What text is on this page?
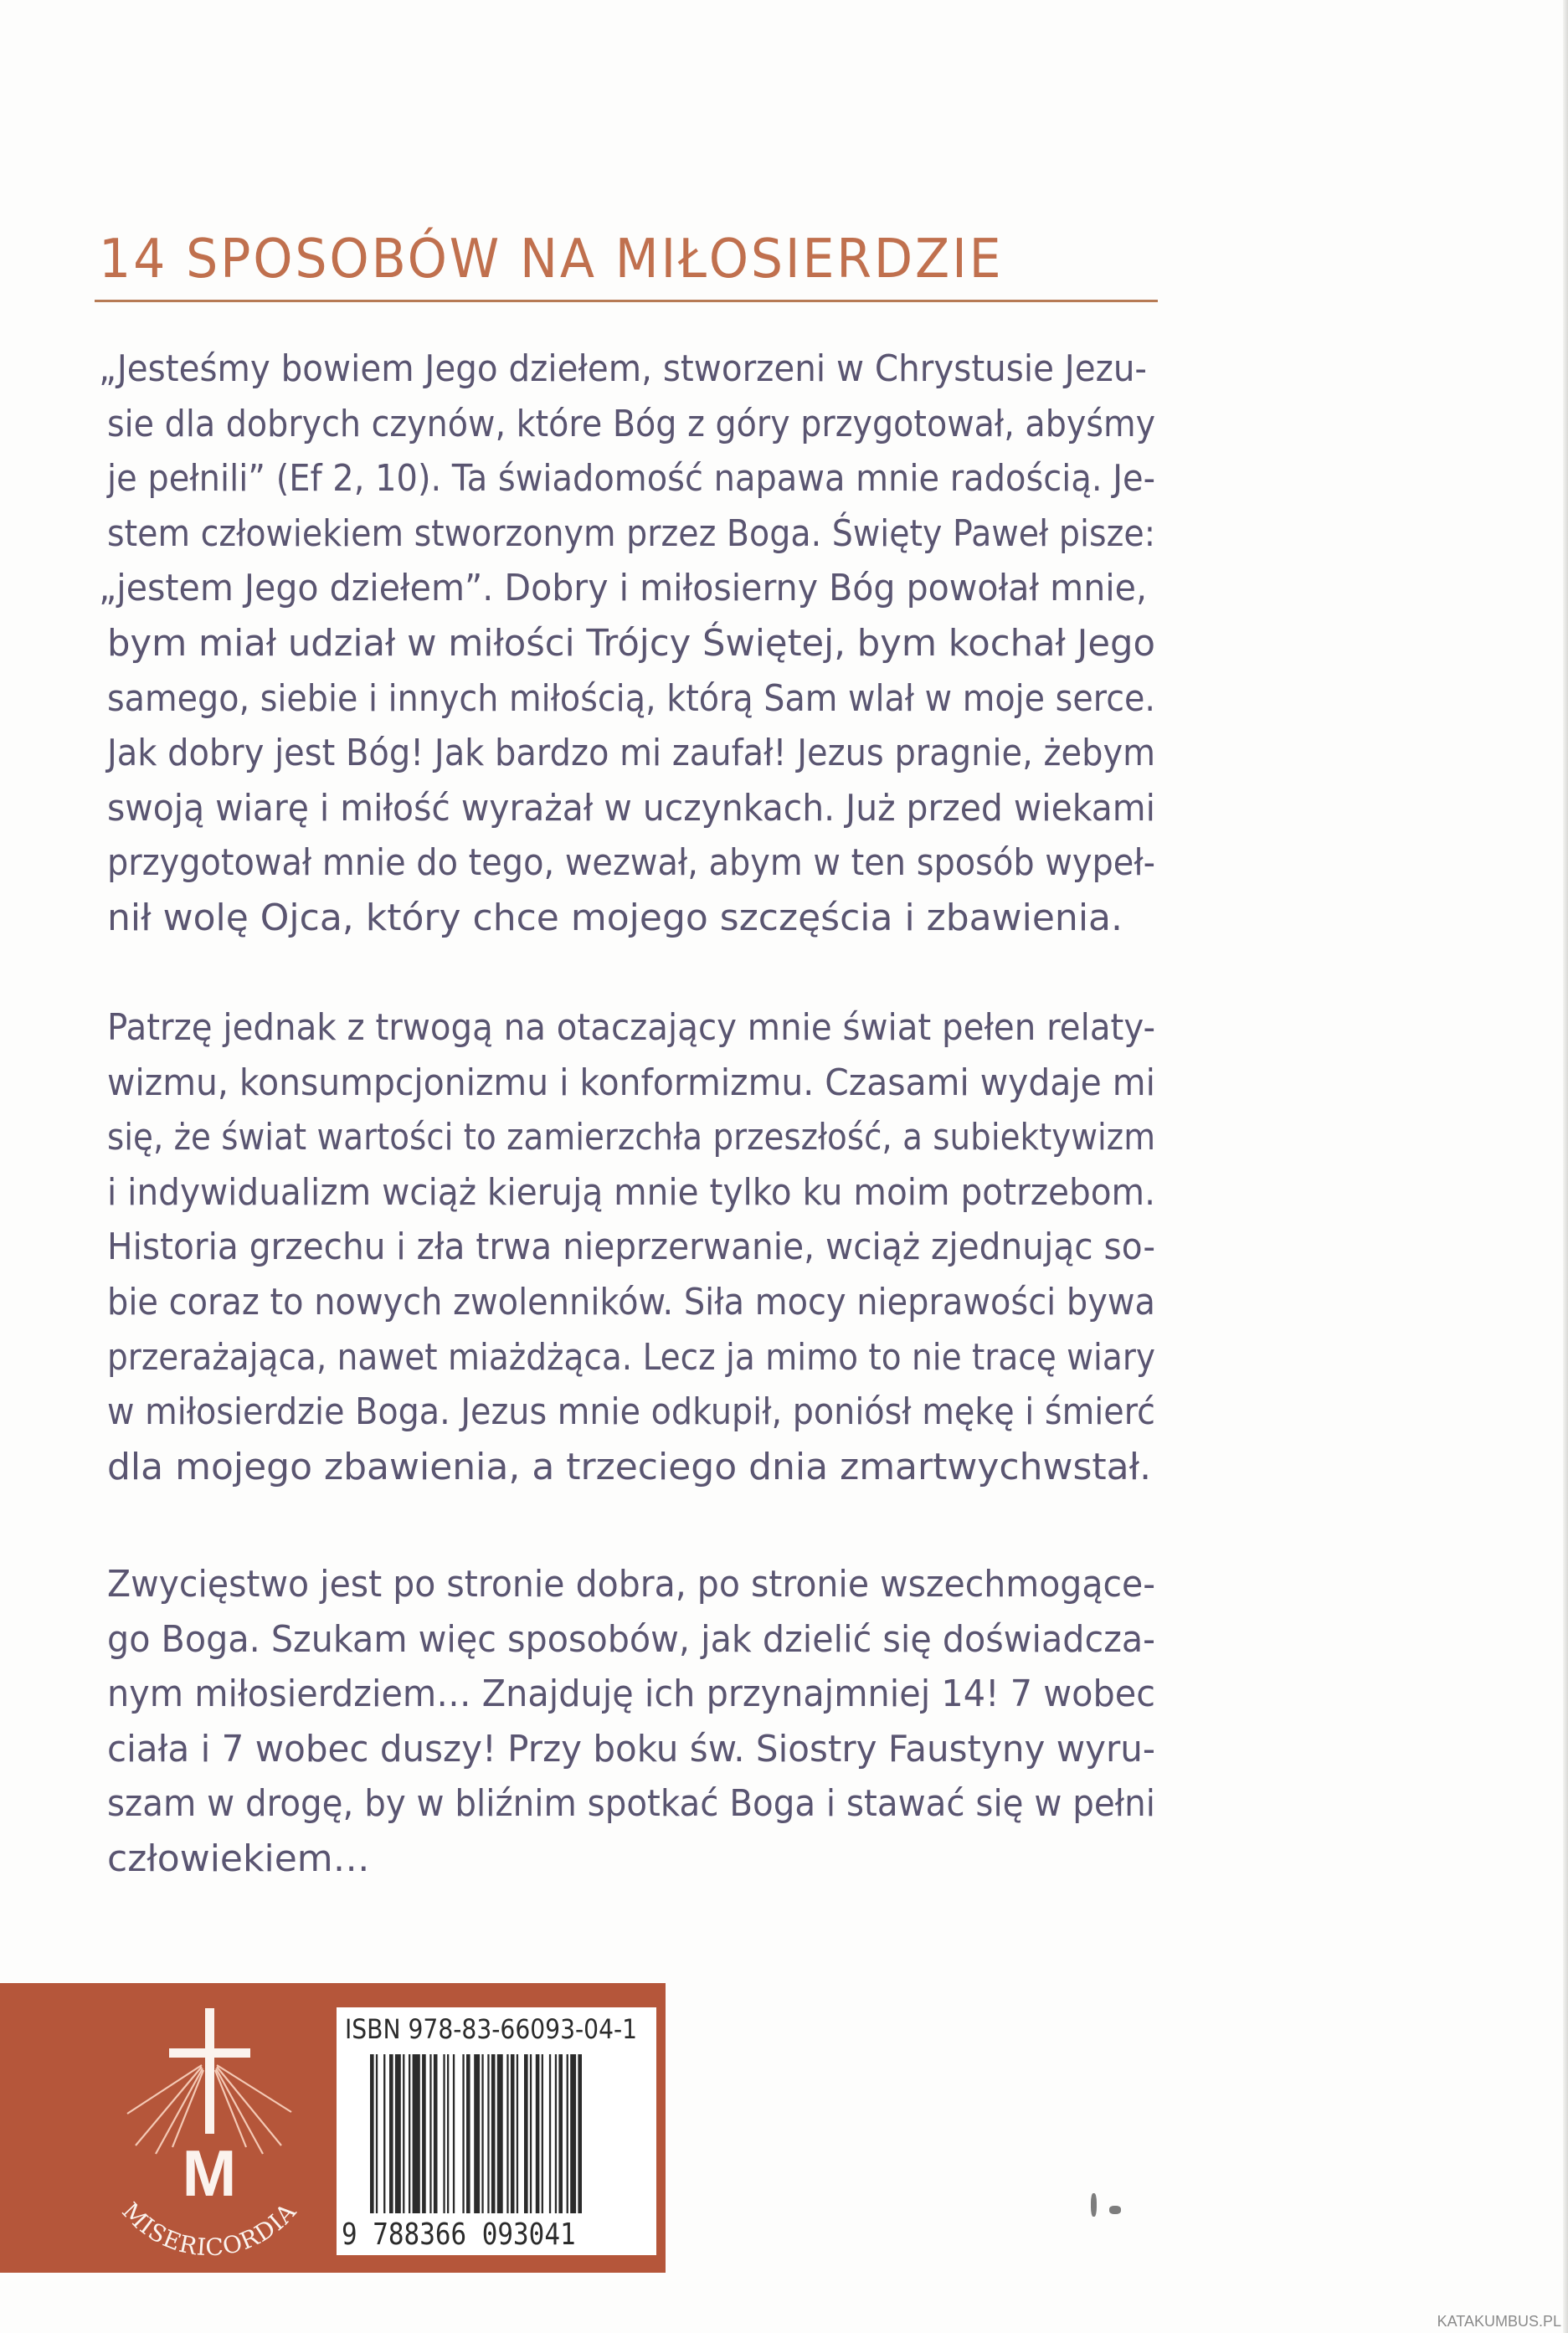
14 SPOSOBÓW NA MIŁOSIERDZIE
„Jesteśmy bowiem Jego dziełem, stworzeni w Chrystusie Jezu-
sie dla dobrych czynów, które Bóg z góry przygotował, abyśmy
je pełnili” (Ef 2, 10). Ta świadomość napawa mnie radością. Je-
stem człowiekiem stworzonym przez Boga. Święty Paweł pisze:
„jestem Jego dziełem”. Dobry i miłosierny Bóg powołał mnie,
bym miał udział w miłości Trójcy Świętej, bym kochał Jego
samego, siebie i innych miłością, którą Sam wlał w moje serce.
Jak dobry jest Bóg! Jak bardzo mi zaufał! Jezus pragnie, żebym
swoją wiarę i miłość wyrażał w uczynkach. Już przed wiekami
przygotował mnie do tego, wezwał, abym w ten sposób wypeł-
nił wolę Ojca, który chce mojego szczęścia i zbawienia.
Patrzę jednak z trwogą na otaczający mnie świat pełen relaty-
wizmu, konsumpcjonizmu i konformizmu. Czasami wydaje mi
się, że świat wartości to zamierzchła przeszłość, a subiektywizm
i indywidualizm wciąż kierują mnie tylko ku moim potrzebom.
Historia grzechu i zła trwa nieprzerwanie, wciąż zjednując so-
bie coraz to nowych zwolenników. Siła mocy nieprawości bywa
przerażająca, nawet miażdżąca. Lecz ja mimo to nie tracę wiary
w miłosierdzie Boga. Jezus mnie odkupił, poniósł mękę i śmierć
dla mojego zbawienia, a trzeciego dnia zmartwychwstał.
Zwycięstwo jest po stronie dobra, po stronie wszechmogące-
go Boga. Szukam więc sposobów, jak dzielić się doświadcza-
nym miłosierdziem… Znajduję ich przynajmniej 14! 7 wobec
ciała i 7 wobec duszy! Przy boku św. Siostry Faustyny wyru-
szam w drogę, by w bliźnim spotkać Boga i stawać się w pełni
człowiekiem…
M
MISERICORDIA
ISBN 978-83-66093-04-1
9 788366 093041
KATAKUMBUS.PL
